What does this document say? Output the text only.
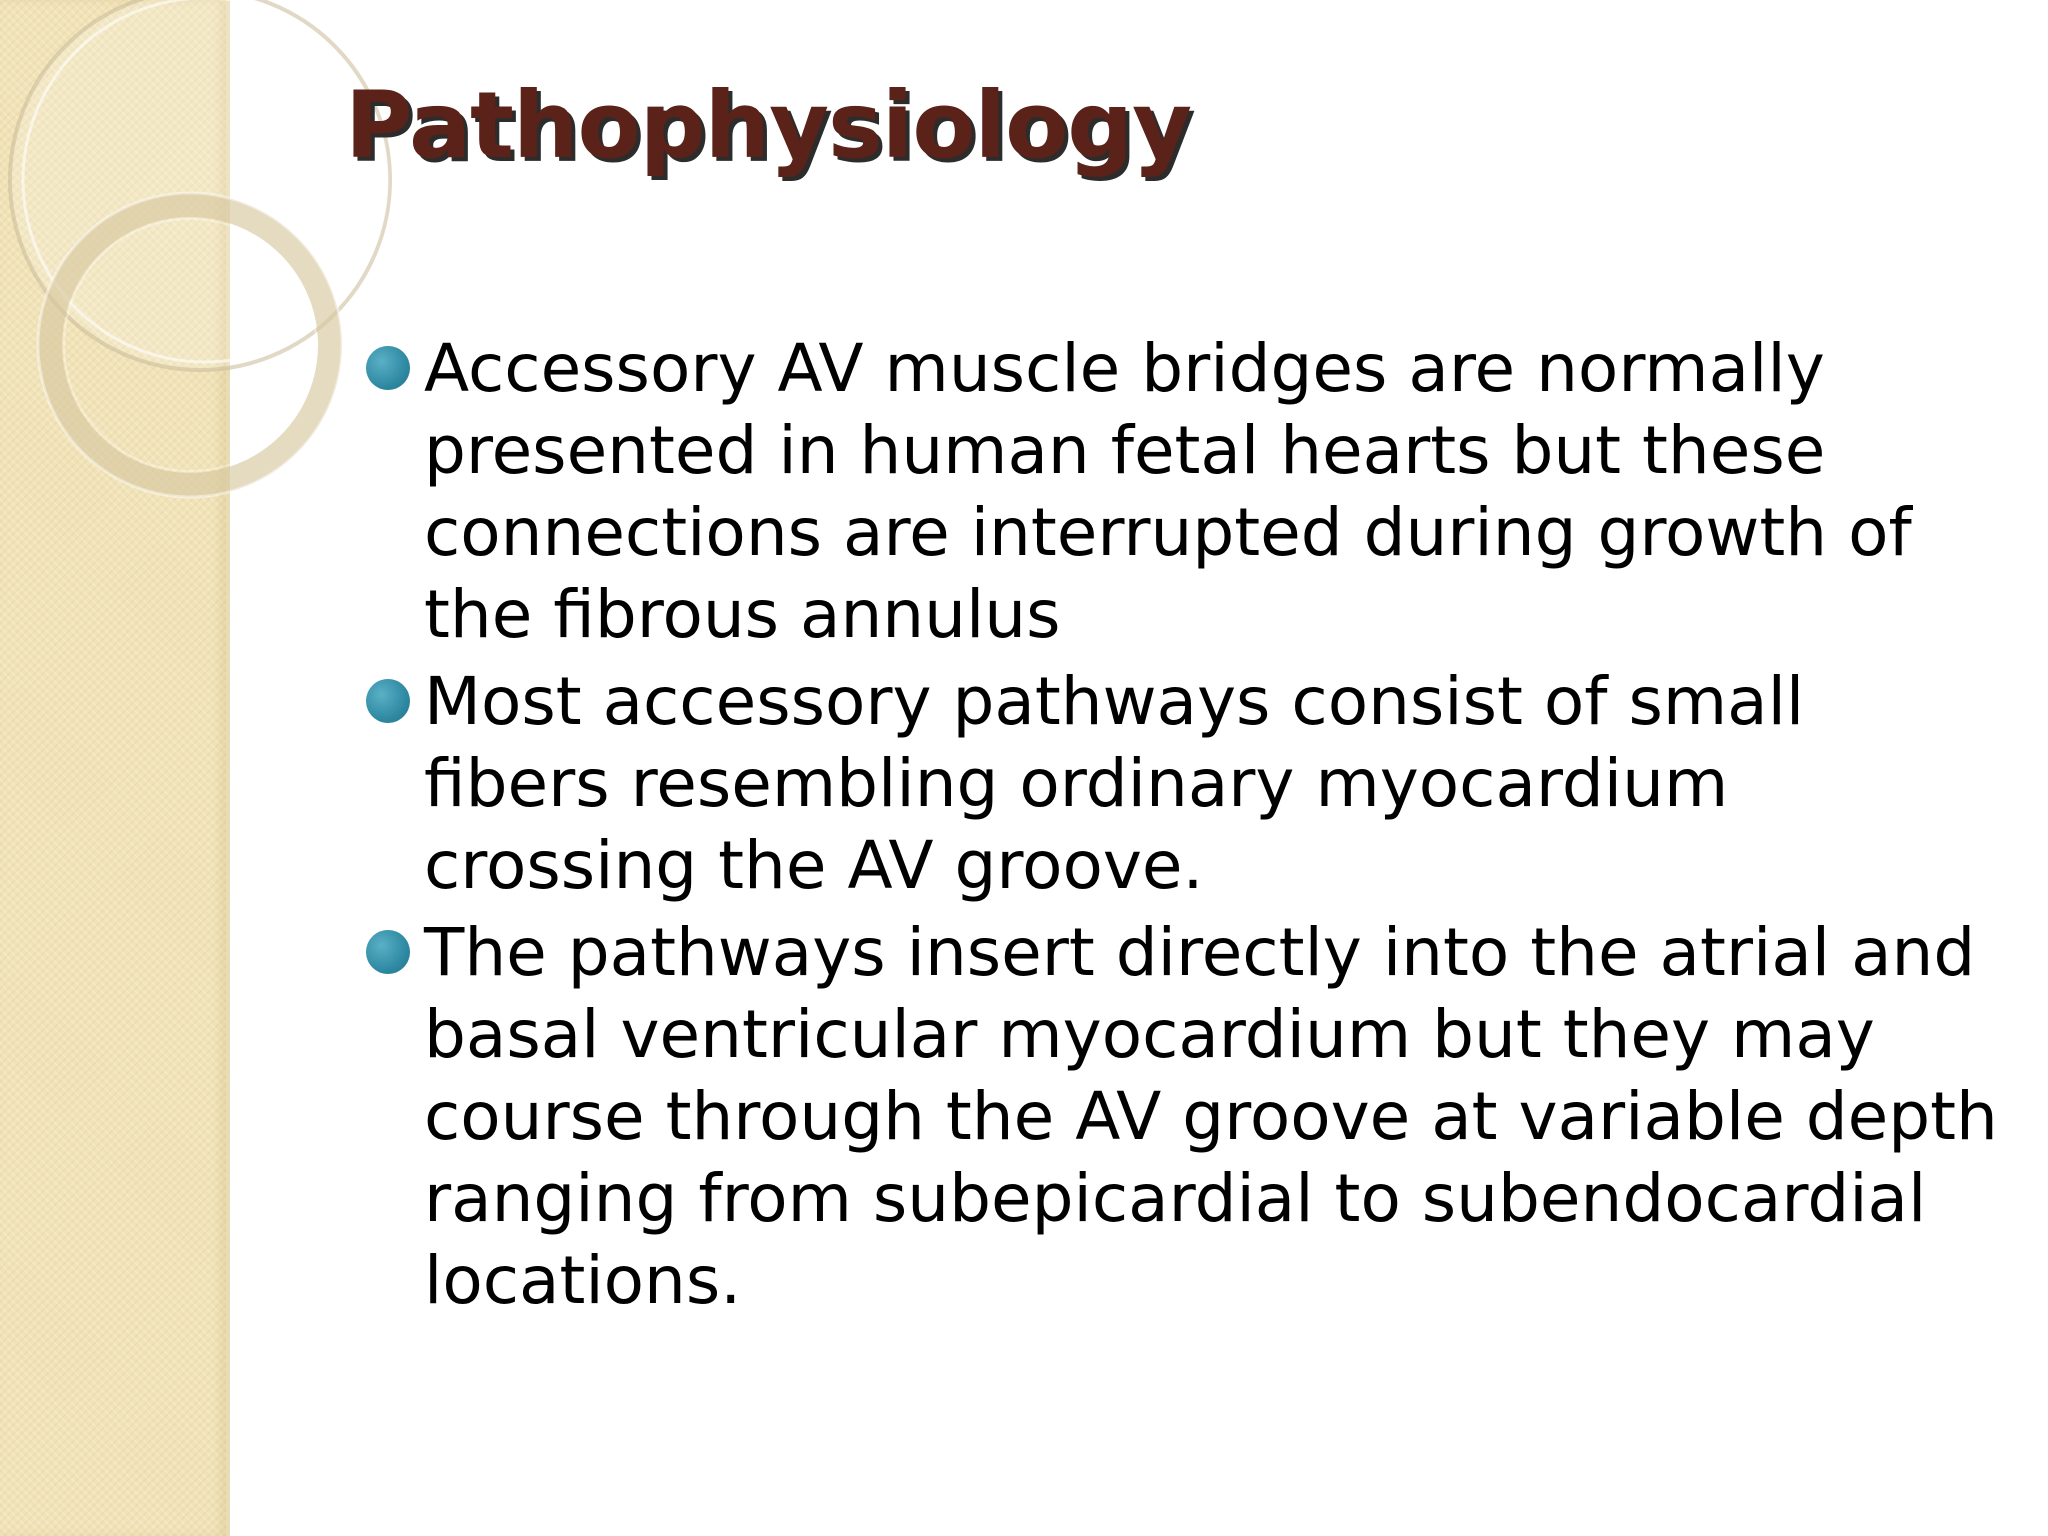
Pathophysiology
Accessory AV muscle bridges are normally presented in human fetal hearts but these connections are interrupted during growth of the fibrous annulus
Most accessory pathways consist of small fibers resembling ordinary myocardium crossing the AV groove.
The pathways insert directly into the atrial and basal ventricular myocardium but they may course through the AV groove at variable depth ranging from subepicardial to subendocardial locations.
